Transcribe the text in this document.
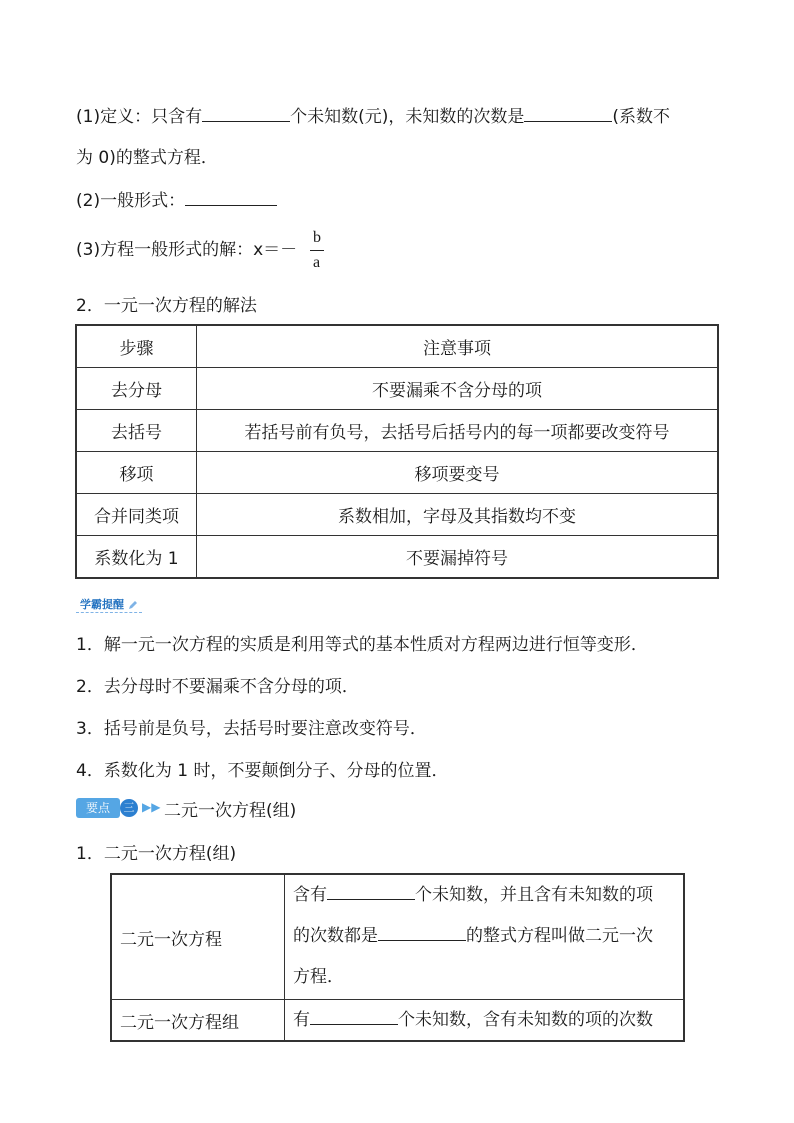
(1)定义：只含有	个未知数(元)，未知数的次数是	(系数不
为 0)的整式方程．
(2)一般形式：
(3)方程一般形式的解：x＝－
b
a
2．一元一次方程的解法
步骤	注意事项
去分母	不要漏乘不含分母的项
去括号	若括号前有负号，去括号后括号内的每一项都要改变符号
移项	移项要变号
合并同类项	系数相加，字母及其指数均不变
系数化为 1	不要漏掉符号
学霸提醒
1．解一元一次方程的实质是利用等式的基本性质对方程两边进行恒等变形．
2．去分母时不要漏乘不含分母的项．
3．括号前是负号，去括号时要注意改变符号．
4．系数化为 1 时，不要颠倒分子、分母的位置．
要点	三 ▶▶ 二元一次方程(组)
1．二元一次方程(组)
二元一次方程	含有 个未知数，并且含有未知数的项
的次数都是 的整式方程叫做二元一次
方程．

二元一次方程组	有 个未知数，含有未知数的项的次数
